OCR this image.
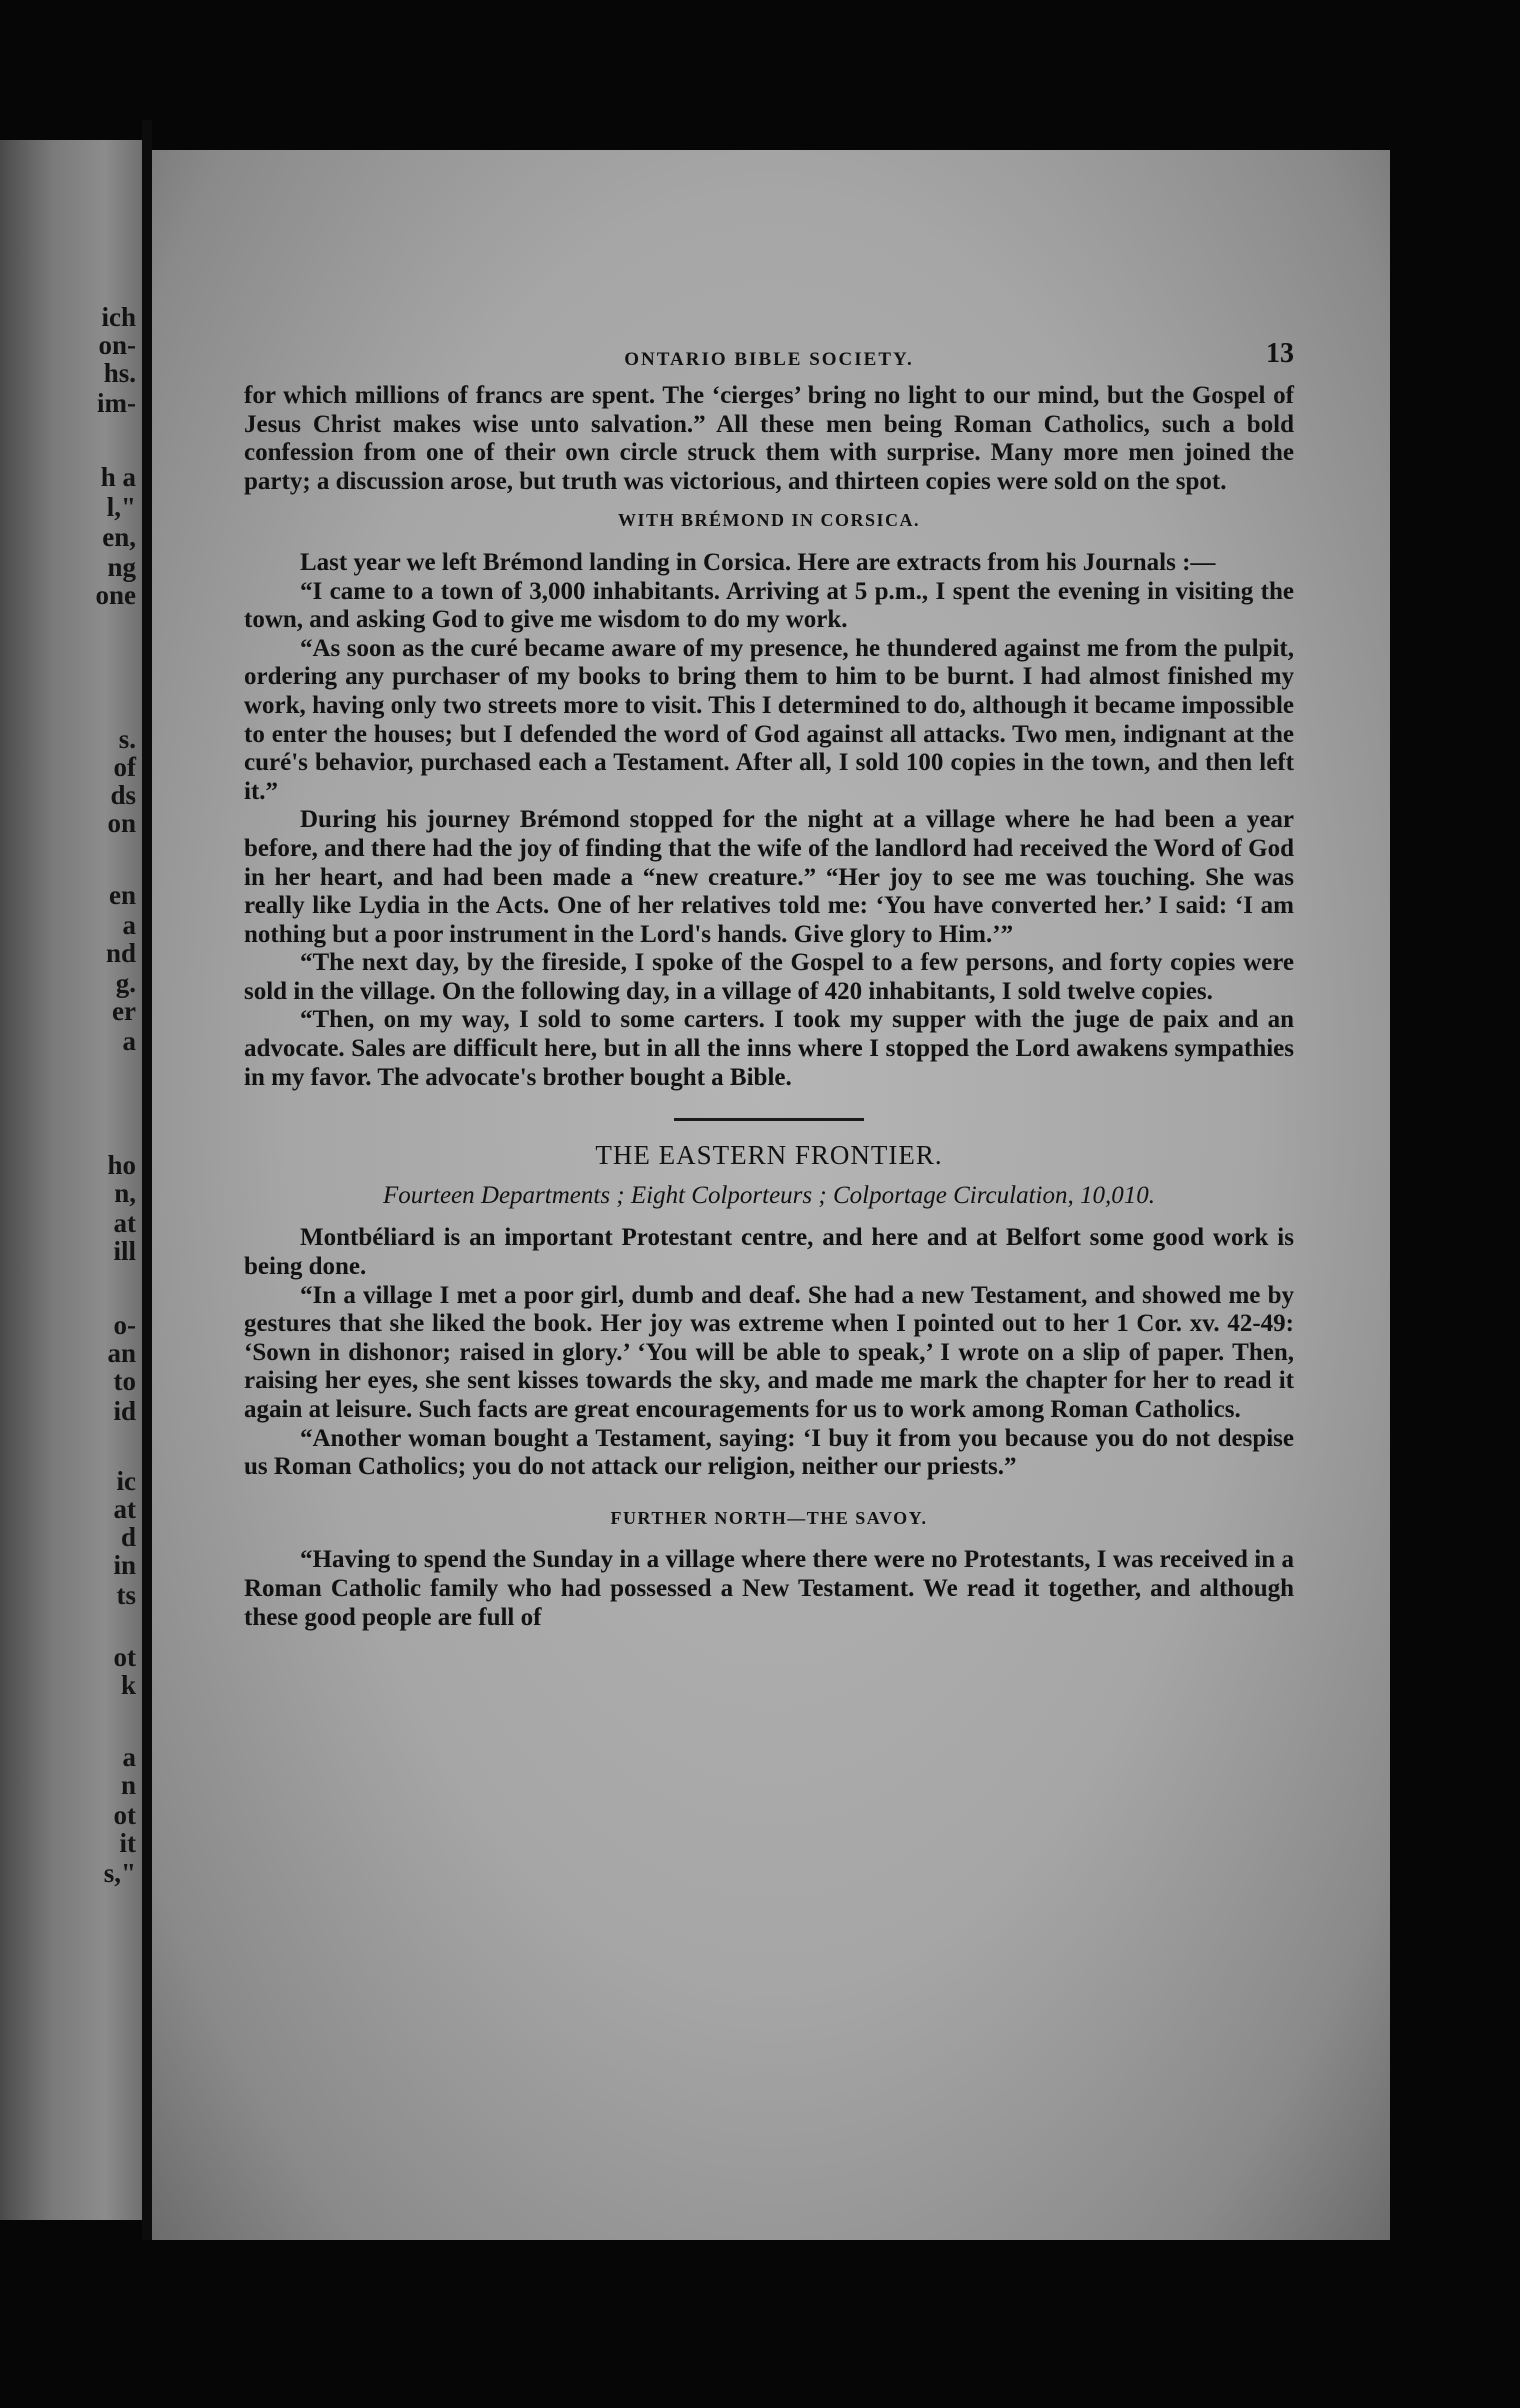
ich
on-
hs.
im-
h a
l,"
en,
ng
one
s.
of
ds
on
en
a
nd
g.
er
a
ho
n,
at
ill
o-
an
to
id
ic
at
d
in
ts
ot
k
a
n
ot
it
s,"
ONTARIO BIBLE SOCIETY.	13

for which millions of francs are spent. The ‘cierges’ bring no light to our mind, but the Gospel of Jesus Christ makes wise unto salvation.” All these men being Roman Catholics, such a bold confession from one of their own circle struck them with surprise. Many more men joined the party; a discussion arose, but truth was victorious, and thirteen copies were sold on the spot.

WITH BRÉMOND IN CORSICA.

Last year we left Brémond landing in Corsica. Here are extracts from his Journals :—

“I came to a town of 3,000 inhabitants. Arriving at 5 p.m., I spent the evening in visiting the town, and asking God to give me wisdom to do my work.

“As soon as the curé became aware of my presence, he thundered against me from the pulpit, ordering any purchaser of my books to bring them to him to be burnt. I had almost finished my work, having only two streets more to visit. This I determined to do, although it became impossible to enter the houses; but I defended the word of God against all attacks. Two men, indignant at the curé's behavior, purchased each a Testament. After all, I sold 100 copies in the town, and then left it.”

During his journey Brémond stopped for the night at a village where he had been a year before, and there had the joy of finding that the wife of the landlord had received the Word of God in her heart, and had been made a “new creature.” “Her joy to see me was touching. She was really like Lydia in the Acts. One of her relatives told me: ‘You have converted her.’ I said: ‘I am nothing but a poor instrument in the Lord's hands. Give glory to Him.’”

“The next day, by the fireside, I spoke of the Gospel to a few persons, and forty copies were sold in the village. On the following day, in a village of 420 inhabitants, I sold twelve copies.

“Then, on my way, I sold to some carters. I took my supper with the juge de paix and an advocate. Sales are difficult here, but in all the inns where I stopped the Lord awakens sympathies in my favor. The advocate's brother bought a Bible.

THE EASTERN FRONTIER.
Fourteen Departments ; Eight Colporteurs ; Colportage Circulation, 10,010.

Montbéliard is an important Protestant centre, and here and at Belfort some good work is being done.

“In a village I met a poor girl, dumb and deaf. She had a new Testament, and showed me by gestures that she liked the book. Her joy was extreme when I pointed out to her 1 Cor. xv. 42-49: ‘Sown in dishonor; raised in glory.’ ‘You will be able to speak,’ I wrote on a slip of paper. Then, raising her eyes, she sent kisses towards the sky, and made me mark the chapter for her to read it again at leisure. Such facts are great encouragements for us to work among Roman Catholics.

“Another woman bought a Testament, saying: ‘I buy it from you because you do not despise us Roman Catholics; you do not attack our religion, neither our priests.”

FURTHER NORTH—THE SAVOY.

“Having to spend the Sunday in a village where there were no Protestants, I was received in a Roman Catholic family who had possessed a New Testament. We read it together, and although these good people are full of
